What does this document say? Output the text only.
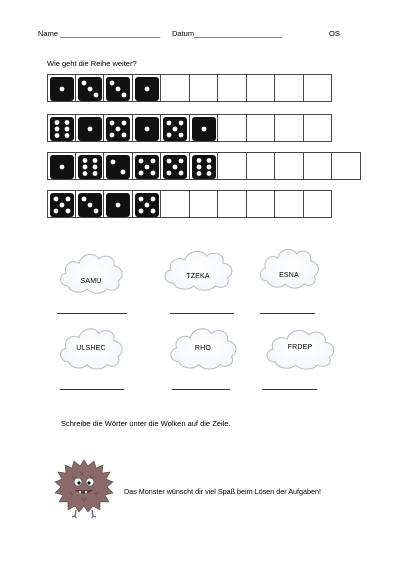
Name ________________________ Datum_____________________	OS
Wie geht die Reihe weiter?
SAMU
TZEKA	ESNA
ULSHEC	RHO	FRDEP
Schreibe die Wörter unter die Wolken auf die Zeile.
Das Monster wünscht dir viel Spaß beim Lösen der Aufgaben!
